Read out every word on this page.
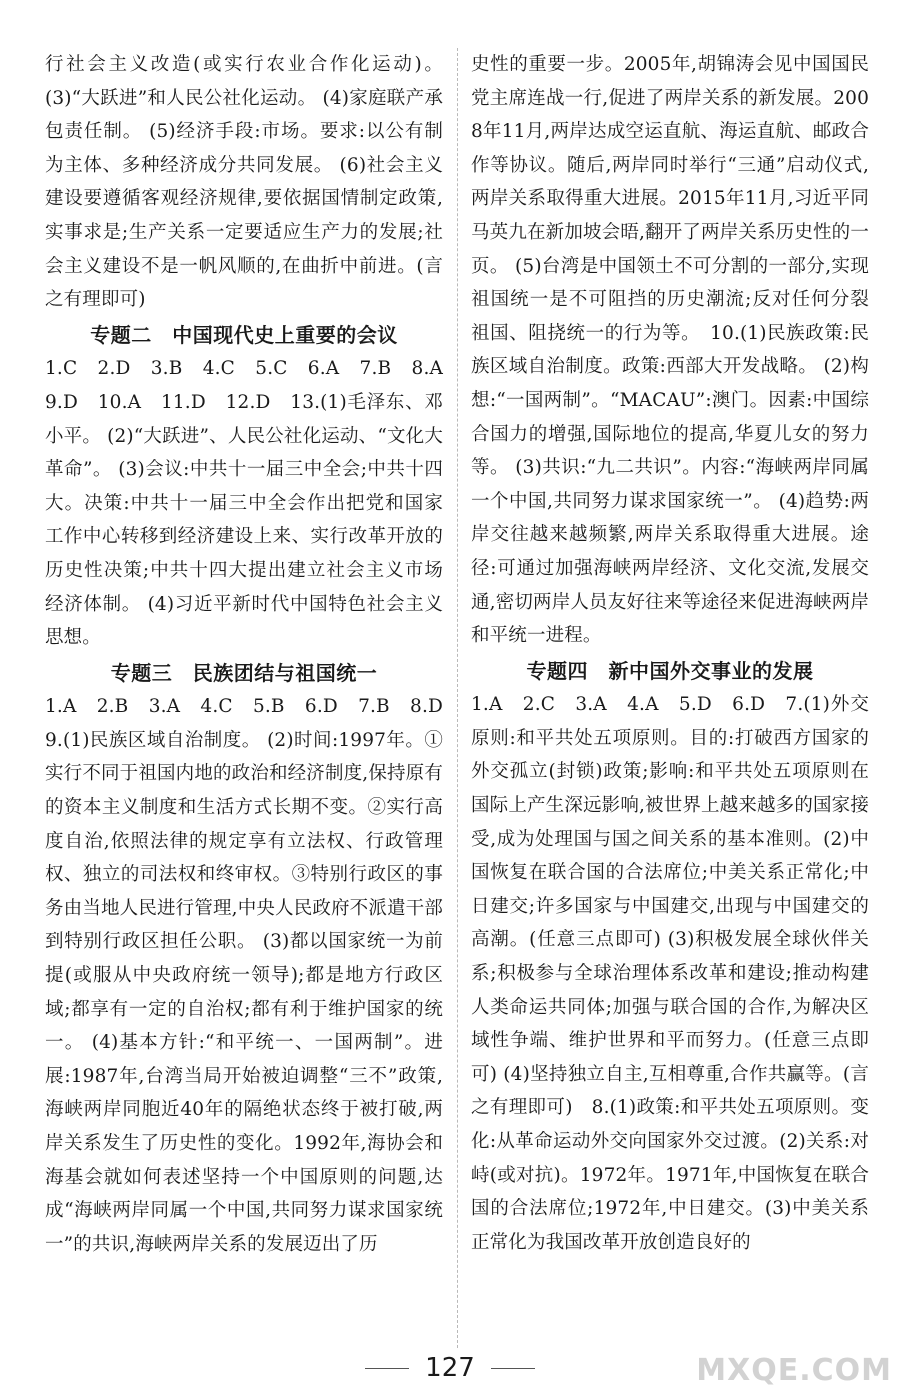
行社会主义改造(或实行农业合作化运动)。(3)“大跃进”和人民公社化运动。 (4)家庭联产承包责任制。 (5)经济手段:市场。要求:以公有制为主体、多种经济成分共同发展。 (6)社会主义建设要遵循客观经济规律,要依据国情制定政策,实事求是;生产关系一定要适应生产力的发展;社会主义建设不是一帆风顺的,在曲折中前进。(言之有理即可)

专题二　中国现代史上重要的会议

1.C　2.D　3.B　4.C　5.C　6.A　7.B　8.A　9.D　10.A　11.D　12.D　13.(1)毛泽东、邓小平。 (2)“大跃进”、人民公社化运动、“文化大革命”。 (3)会议:中共十一届三中全会;中共十四大。决策:中共十一届三中全会作出把党和国家工作中心转移到经济建设上来、实行改革开放的历史性决策;中共十四大提出建立社会主义市场经济体制。 (4)习近平新时代中国特色社会主义思想。

专题三　民族团结与祖国统一

1.A　2.B　3.A　4.C　5.B　6.D　7.B　8.D　9.(1)民族区域自治制度。 (2)时间:1997年。①实行不同于祖国内地的政治和经济制度,保持原有的资本主义制度和生活方式长期不变。②实行高度自治,依照法律的规定享有立法权、行政管理权、独立的司法权和终审权。③特别行政区的事务由当地人民进行管理,中央人民政府不派遣干部到特别行政区担任公职。 (3)都以国家统一为前提(或服从中央政府统一领导);都是地方行政区域;都享有一定的自治权;都有利于维护国家的统一。 (4)基本方针:“和平统一、一国两制”。进展:1987年,台湾当局开始被迫调整“三不”政策,海峡两岸同胞近40年的隔绝状态终于被打破,两岸关系发生了历史性的变化。1992年,海协会和海基会就如何表述坚持一个中国原则的问题,达成“海峡两岸同属一个中国,共同努力谋求国家统一”的共识,海峡两岸关系的发展迈出了历

史性的重要一步。2005年,胡锦涛会见中国国民党主席连战一行,促进了两岸关系的新发展。2008年11月,两岸达成空运直航、海运直航、邮政合作等协议。随后,两岸同时举行“三通”启动仪式,两岸关系取得重大进展。2015年11月,习近平同马英九在新加坡会晤,翻开了两岸关系历史性的一页。 (5)台湾是中国领土不可分割的一部分,实现祖国统一是不可阻挡的历史潮流;反对任何分裂祖国、阻挠统一的行为等。　10.(1)民族政策:民族区域自治制度。政策:西部大开发战略。 (2)构想:“一国两制”。“MACAU”:澳门。因素:中国综合国力的增强,国际地位的提高,华夏儿女的努力等。 (3)共识:“九二共识”。内容:“海峡两岸同属一个中国,共同努力谋求国家统一”。 (4)趋势:两岸交往越来越频繁,两岸关系取得重大进展。途径:可通过加强海峡两岸经济、文化交流,发展交通,密切两岸人员友好往来等途径来促进海峡两岸和平统一进程。

专题四　新中国外交事业的发展

1.A　2.C　3.A　4.A　5.D　6.D　7.(1)外交原则:和平共处五项原则。目的:打破西方国家的外交孤立(封锁)政策;影响:和平共处五项原则在国际上产生深远影响,被世界上越来越多的国家接受,成为处理国与国之间关系的基本准则。(2)中国恢复在联合国的合法席位;中美关系正常化;中日建交;许多国家与中国建交,出现与中国建交的高潮。(任意三点即可) (3)积极发展全球伙伴关系;积极参与全球治理体系改革和建设;推动构建人类命运共同体;加强与联合国的合作,为解决区域性争端、维护世界和平而努力。(任意三点即可) (4)坚持独立自主,互相尊重,合作共赢等。(言之有理即可)　8.(1)政策:和平共处五项原则。变化:从革命运动外交向国家外交过渡。(2)关系:对峙(或对抗)。1972年。1971年,中国恢复在联合国的合法席位;1972年,中日建交。(3)中美关系正常化为我国改革开放创造良好的

127	MXQE.COM
